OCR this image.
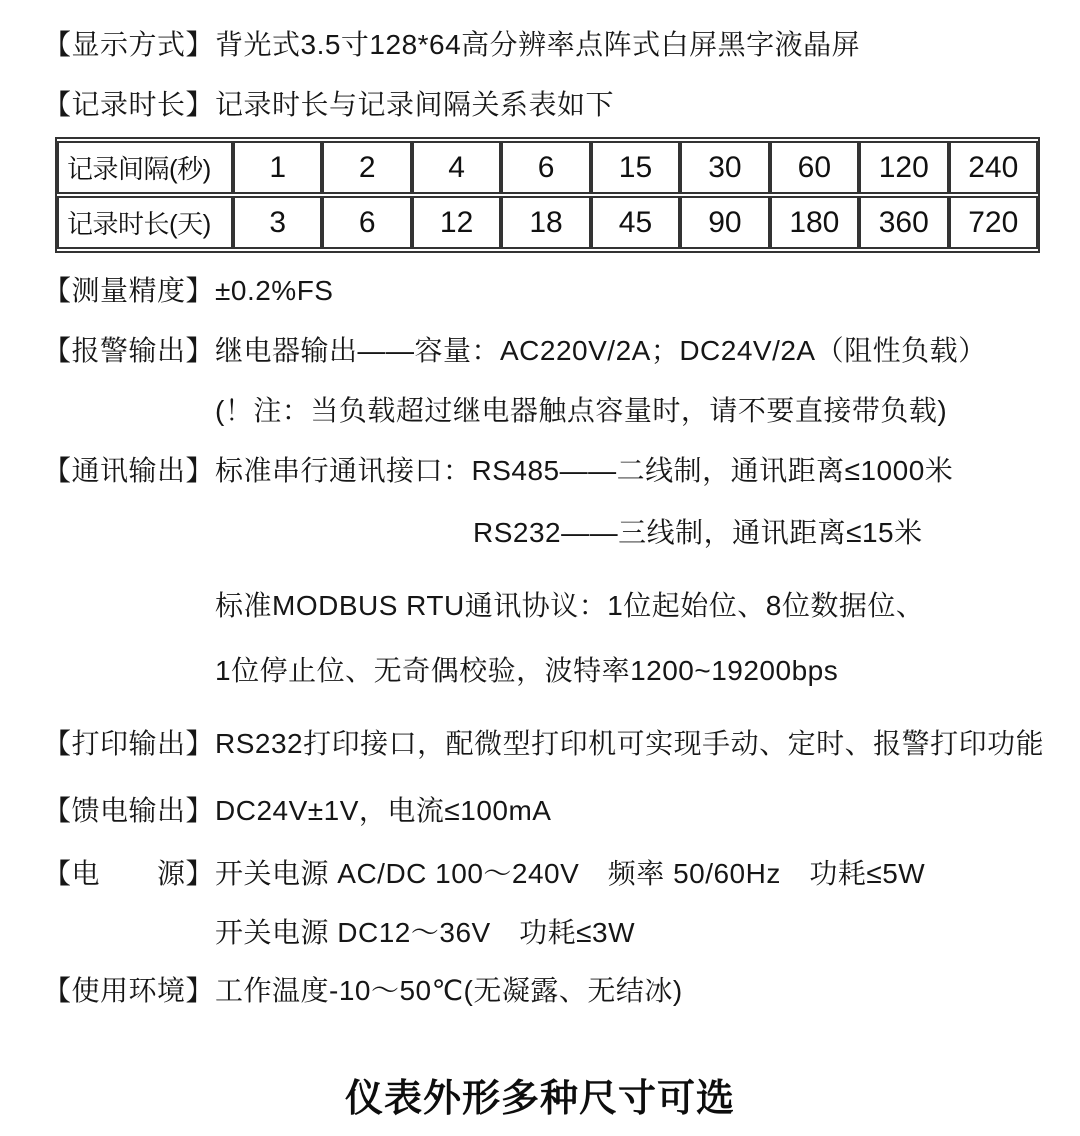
【显示方式】 背光式3.5寸128*64高分辨率点阵式白屏黑字液晶屏
【记录时长】 记录时长与记录间隔关系表如下
记录间隔(秒)	1	2	4	6	15	30	60	120	240
记录时长(天)	3	6	12	18	45	90	180	360	720
【测量精度】 ±0.2%FS
【报警输出】 继电器输出——容量：AC220V/2A；DC24V/2A（阻性负载）
(！注：当负载超过继电器触点容量时，请不要直接带负载)
【通讯输出】 标准串行通讯接口：RS485——二线制，通讯距离≤1000米
RS232——三线制，通讯距离≤15米
标准MODBUS RTU通讯协议：1位起始位、8位数据位、
1位停止位、无奇偶校验，波特率1200~19200bps
【打印输出】 RS232打印接口，配微型打印机可实现手动、定时、报警打印功能
【馈电输出】 DC24V±1V，电流≤100mA
【电　　源】 开关电源 AC/DC 100～240V　频率 50/60Hz　功耗≤5W
开关电源 DC12～36V　功耗≤3W
【使用环境】 工作温度-10～50℃(无凝露、无结冰)
仪表外形多种尺寸可选
